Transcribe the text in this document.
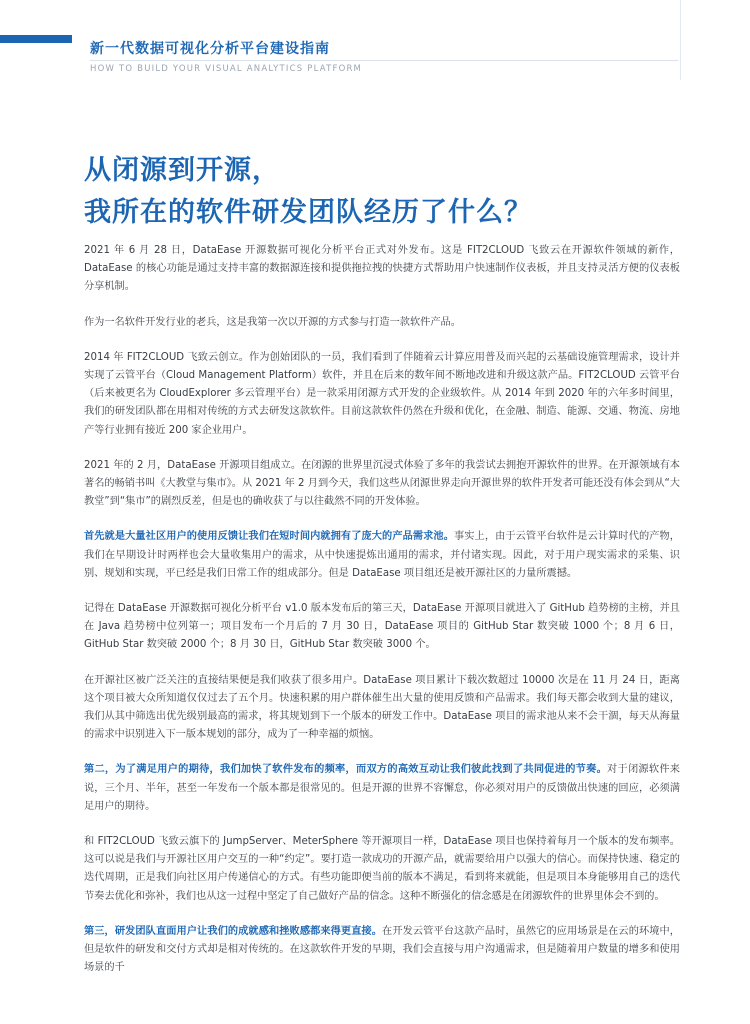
新一代数据可视化分析平台建设指南
HOW TO BUILD YOUR VISUAL ANALYTICS PLATFORM
从闭源到开源，
我所在的软件研发团队经历了什么？

2021 年 6 月 28 日，DataEase 开源数据可视化分析平台正式对外发布。这是 FIT2CLOUD 飞致云在开源软件领域的新作，DataEase 的核心功能是通过支持丰富的数据源连接和提供拖拉拽的快捷方式帮助用户快速制作仪表板，并且支持灵活方便的仪表板分享机制。

作为一名软件开发行业的老兵，这是我第一次以开源的方式参与打造一款软件产品。

2014 年 FIT2CLOUD 飞致云创立。作为创始团队的一员，我们看到了伴随着云计算应用普及而兴起的云基础设施管理需求，设计并实现了云管平台（Cloud Management Platform）软件，并且在后来的数年间不断地改进和升级这款产品。FIT2CLOUD 云管平台（后来被更名为 CloudExplorer 多云管理平台）是一款采用闭源方式开发的企业级软件。从 2014 年到 2020 年的六年多时间里，我们的研发团队都在用相对传统的方式去研发这款软件。目前这款软件仍然在升级和优化，在金融、制造、能源、交通、物流、房地产等行业拥有接近 200 家企业用户。

2021 年的 2 月，DataEase 开源项目组成立。在闭源的世界里沉浸式体验了多年的我尝试去拥抱开源软件的世界。在开源领域有本著名的畅销书叫《大教堂与集市》。从 2021 年 2 月到今天，我们这些从闭源世界走向开源世界的软件开发者可能还没有体会到从“大教堂”到“集市”的剧烈反差，但是也的确收获了与以往截然不同的开发体验。

首先就是大量社区用户的使用反馈让我们在短时间内就拥有了庞大的产品需求池。事实上，由于云管平台软件是云计算时代的产物，我们在早期设计时两样也会大量收集用户的需求，从中快速提炼出通用的需求，并付诸实现。因此，对于用户现实需求的采集、识别、规划和实现，平已经是我们日常工作的组成部分。但是 DataEase 项目组还是被开源社区的力量所震撼。

记得在 DataEase 开源数据可视化分析平台 v1.0 版本发布后的第三天，DataEase 开源项目就进入了 GitHub 趋势榜的主榜，并且在 Java 趋势榜中位列第一；项目发布一个月后的 7 月 30 日，DataEase 项目的 GitHub Star 数突破 1000 个；8 月 6 日，GitHub Star 数突破 2000 个；8 月 30 日，GitHub Star 数突破 3000 个。

在开源社区被广泛关注的直接结果便是我们收获了很多用户。DataEase 项目累计下载次数超过 10000 次是在 11 月 24 日，距离这个项目被大众所知道仅仅过去了五个月。快速积累的用户群体催生出大量的使用反馈和产品需求。我们每天都会收到大量的建议，我们从其中筛选出优先级别最高的需求，将其规划到下一个版本的研发工作中。DataEase 项目的需求池从来不会干涸，每天从海量的需求中识别进入下一版本规划的部分，成为了一种幸福的烦恼。

第二，为了满足用户的期待，我们加快了软件发布的频率，而双方的高效互动让我们彼此找到了共同促进的节奏。对于闭源软件来说，三个月、半年，甚至一年发布一个版本都是很常见的。但是开源的世界不容懈怠，你必须对用户的反馈做出快速的回应，必须满足用户的期待。

和 FIT2CLOUD 飞致云旗下的 JumpServer、MeterSphere 等开源项目一样，DataEase 项目也保持着每月一个版本的发布频率。这可以说是我们与开源社区用户交互的一种“约定”。要打造一款成功的开源产品，就需要给用户以强大的信心。而保持快速、稳定的迭代周期，正是我们向社区用户传递信心的方式。有些功能即便当前的版本不满足，看到将来就能，但是项目本身能够用自己的迭代节奏去优化和弥补，我们也从这一过程中坚定了自己做好产品的信念。这种不断强化的信念感是在闭源软件的世界里体会不到的。

第三，研发团队直面用户让我们的成就感和挫败感都来得更直接。在开发云管平台这款产品时，虽然它的应用场景是在云的环境中，但是软件的研发和交付方式却是相对传统的。在这款软件开发的早期，我们会直接与用户沟通需求，但是随着用户数量的增多和使用场景的千
